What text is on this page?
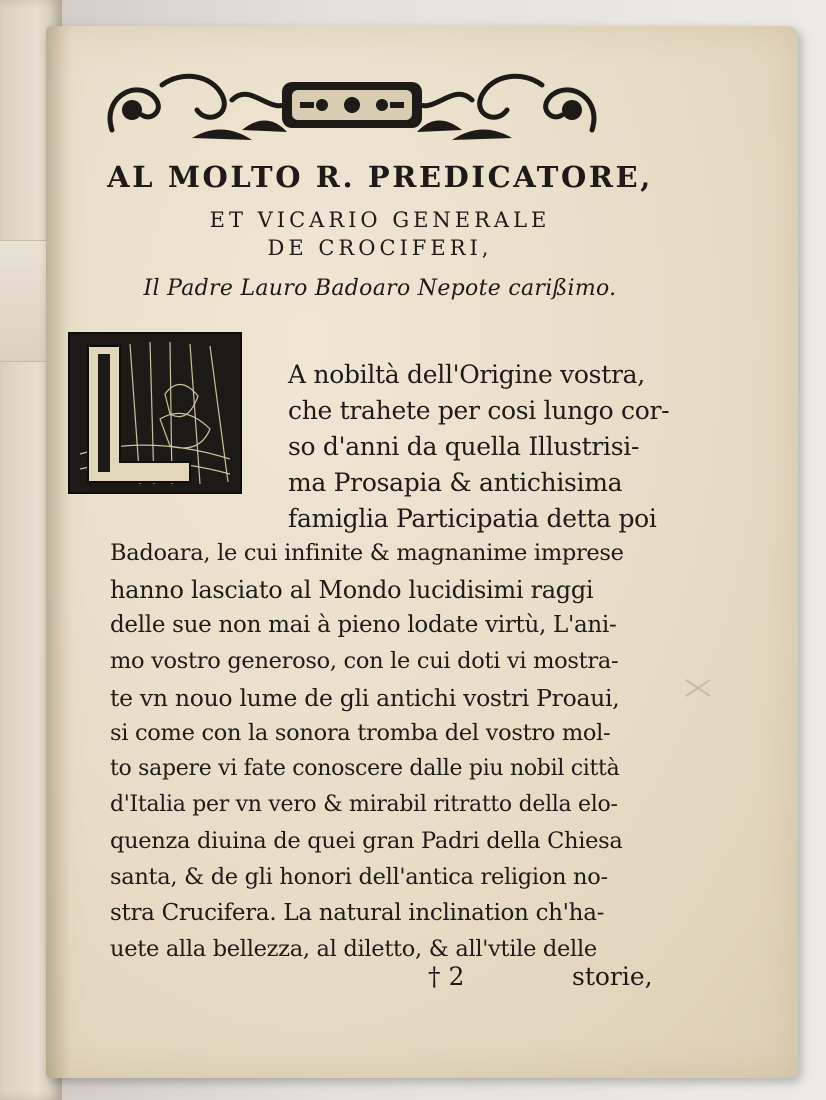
AL MOLTO R. PREDICATORE,
ET VICARIO GENERALE
DE CROCIFERI,
Il Padre Lauro Badoaro Nepote carißimo.
A nobiltà dell'Origine vostra,
che trahete per cosi lungo cor-
so d'anni da quella Illustrisi-
ma Prosapia & antichisima
famiglia Participatia detta poi
Badoara, le cui infinite & magnanime imprese
hanno lasciato al Mondo lucidisimi raggi
delle sue non mai à pieno lodate virtù, L'ani-
mo vostro generoso, con le cui doti vi mostra-
te vn nouo lume de gli antichi vostri Proaui,
si come con la sonora tromba del vostro mol-
to sapere vi fate conoscere dalle piu nobil città
d'Italia per vn vero & mirabil ritratto della elo-
quenza diuina de quei gran Padri della Chiesa
santa, & de gli honori dell'antica religion no-
stra Crucifera. La natural inclination ch'ha-
uete alla bellezza, al diletto, & all'vtile delle
† 2	storie,
